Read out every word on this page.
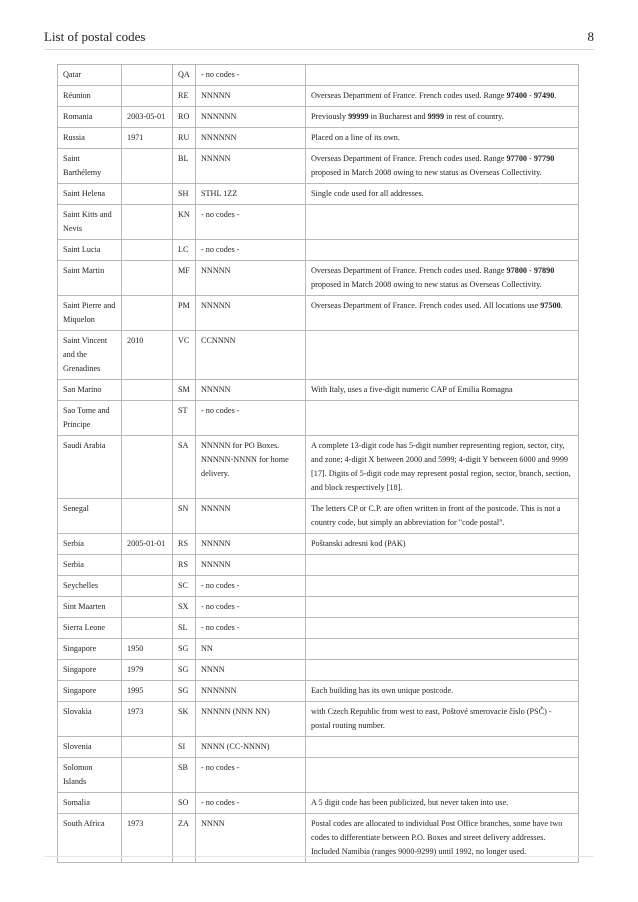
List of postal codes	8
Qatar		QA	- no codes -	
Réunion		RE	NNNNN	Overseas Department of France. French codes used. Range 97400 - 97490.
Romania	2003-05-01	RO	NNNNNN	Previously 99999 in Bucharest and 9999 in rest of country.
Russia	1971	RU	NNNNNN	Placed on a line of its own.
Saint Barthélemy		BL	NNNNN	Overseas Department of France. French codes used. Range 97700 - 97790 proposed in March 2008 owing to new status as Overseas Collectivity.
Saint Helena		SH	STHL 1ZZ	Single code used for all addresses.
Saint Kitts and Nevis		KN	- no codes -	
Saint Lucia		LC	- no codes -	
Saint Martin		MF	NNNNN	Overseas Department of France. French codes used. Range 97800 - 97890 proposed in March 2008 owing to new status as Overseas Collectivity.
Saint Pierre and Miquelon		PM	NNNNN	Overseas Department of France. French codes used. All locations use 97500.
Saint Vincent and the Grenadines	2010	VC	CCNNNN	
San Marino		SM	NNNNN	With Italy, uses a five-digit numeric CAP of Emilia Romagna
Sao Tome and Principe		ST	- no codes -	
Saudi Arabia		SA	NNNNN for PO Boxes. NNNNN-NNNN for home delivery.	A complete 13-digit code has 5-digit number representing region, sector, city, and zone; 4-digit X between 2000 and 5999; 4-digit Y between 6000 and 9999 [17]. Digits of 5-digit code may represent postal region, sector, branch, section, and block respectively [18].
Senegal		SN	NNNNN	The letters CP or C.P. are often written in front of the postcode. This is not a country code, but simply an abbreviation for "code postal".
Serbia	2005-01-01	RS	NNNNN	Poštanski adresni kod (PAK)
Serbia		RS	NNNNN	
Seychelles		SC	- no codes -	
Sint Maarten		SX	- no codes -	
Sierra Leone		SL	- no codes -	
Singapore	1950	SG	NN	
Singapore	1979	SG	NNNN	
Singapore	1995	SG	NNNNNN	Each building has its own unique postcode.
Slovakia	1973	SK	NNNNN (NNN NN)	with Czech Republic from west to east, Poštové smerovacie číslo (PSČ) - postal routing number.
Slovenia		SI	NNNN (CC-NNNN)	
Solomon Islands		SB	- no codes -	
Somalia		SO	- no codes -	A 5 digit code has been publicized, but never taken into use.
South Africa	1973	ZA	NNNN	Postal codes are allocated to individual Post Office branches, some have two codes to differentiate between P.O. Boxes and street delivery addresses. Included Namibia (ranges 9000-9299) until 1992, no longer used.
